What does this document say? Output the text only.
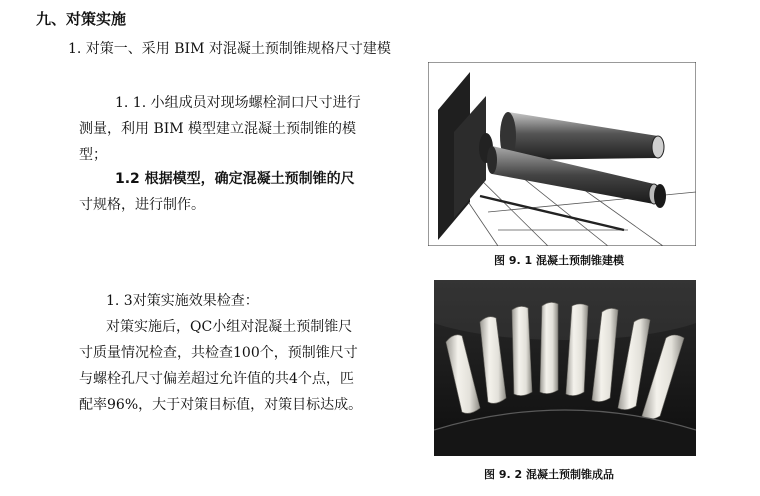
九、对策实施
1. 对策一、采用 BIM 对混凝土预制锥规格尺寸建模
1. 1. 小组成员对现场螺栓洞口尺寸进行
测量，利用 BIM 模型建立混凝土预制锥的模
型；
1.2 根据模型，确定混凝土预制锥的尺
寸规格，进行制作。
1. 3对策实施效果检查：
对策实施后，QC小组对混凝土预制锥尺
寸质量情况检查，共检查100个，预制锥尺寸
与螺栓孔尺寸偏差超过允许值的共4个点，匹
配率96%，大于对策目标值，对策目标达成。
图 9. 1 混凝土预制锥建模
图 9. 2 混凝土预制锥成品
